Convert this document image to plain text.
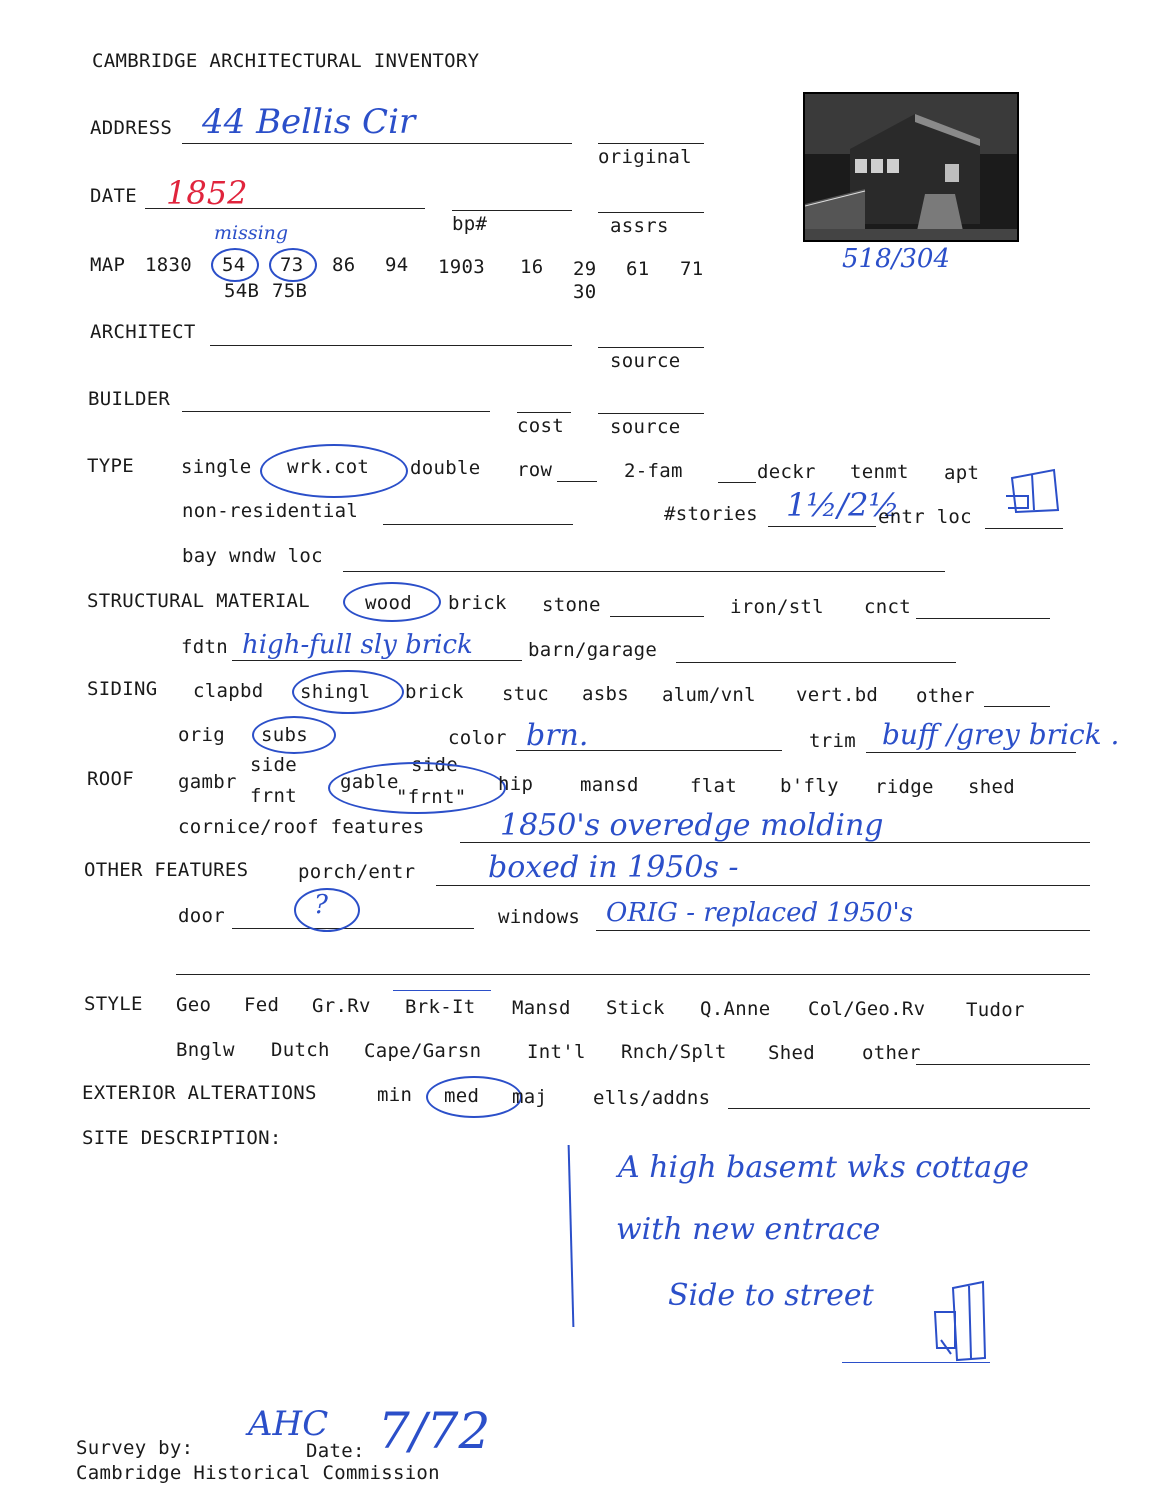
CAMBRIDGE ARCHITECTURAL INVENTORY
518/304
ADDRESS 44 Bellis Cir
original
DATE 1852
bp#	assrs
missing
MAP 1830 54 73 86 94 1903 16 29 61 71
54B 75B	30
ARCHITECT
source
BUILDER
cost source
TYPE single wrk.cot double row	2-fam	deckr tenmt apt
non-residential	#stories 1½/2½
entr loc
bay wndw loc
STRUCTURAL MATERIAL	wood brick stone	iron/stl cnct
fdtn high-full sly brick	barn/garage
SIDING clapbd shingl brick stuc asbs alum/vnl vert.bd other
orig subs	color brn.	trim buff /grey brick .
ROOF
side
gambr
frnt
gable
side
"frnt"
hip mansd	flat b'fly ridge shed
cornice/roof features	1850's overedge molding
OTHER FEATURES	porch/entr boxed in 1950s -
door	?	windows ORIG - replaced 1950's
STYLE Geo Fed Gr.Rv Brk-It Mansd Stick Q.Anne Col/Geo.Rv Tudor
Bnglw Dutch Cape/Garsn Int'l Rnch/Splt Shed other
EXTERIOR ALTERATIONS	min med maj ells/addns
SITE DESCRIPTION:
A high basemt wks cottage
with new entrace
Side to street
Survey by:
AHC
Date: 7/72
Cambridge Historical Commission
